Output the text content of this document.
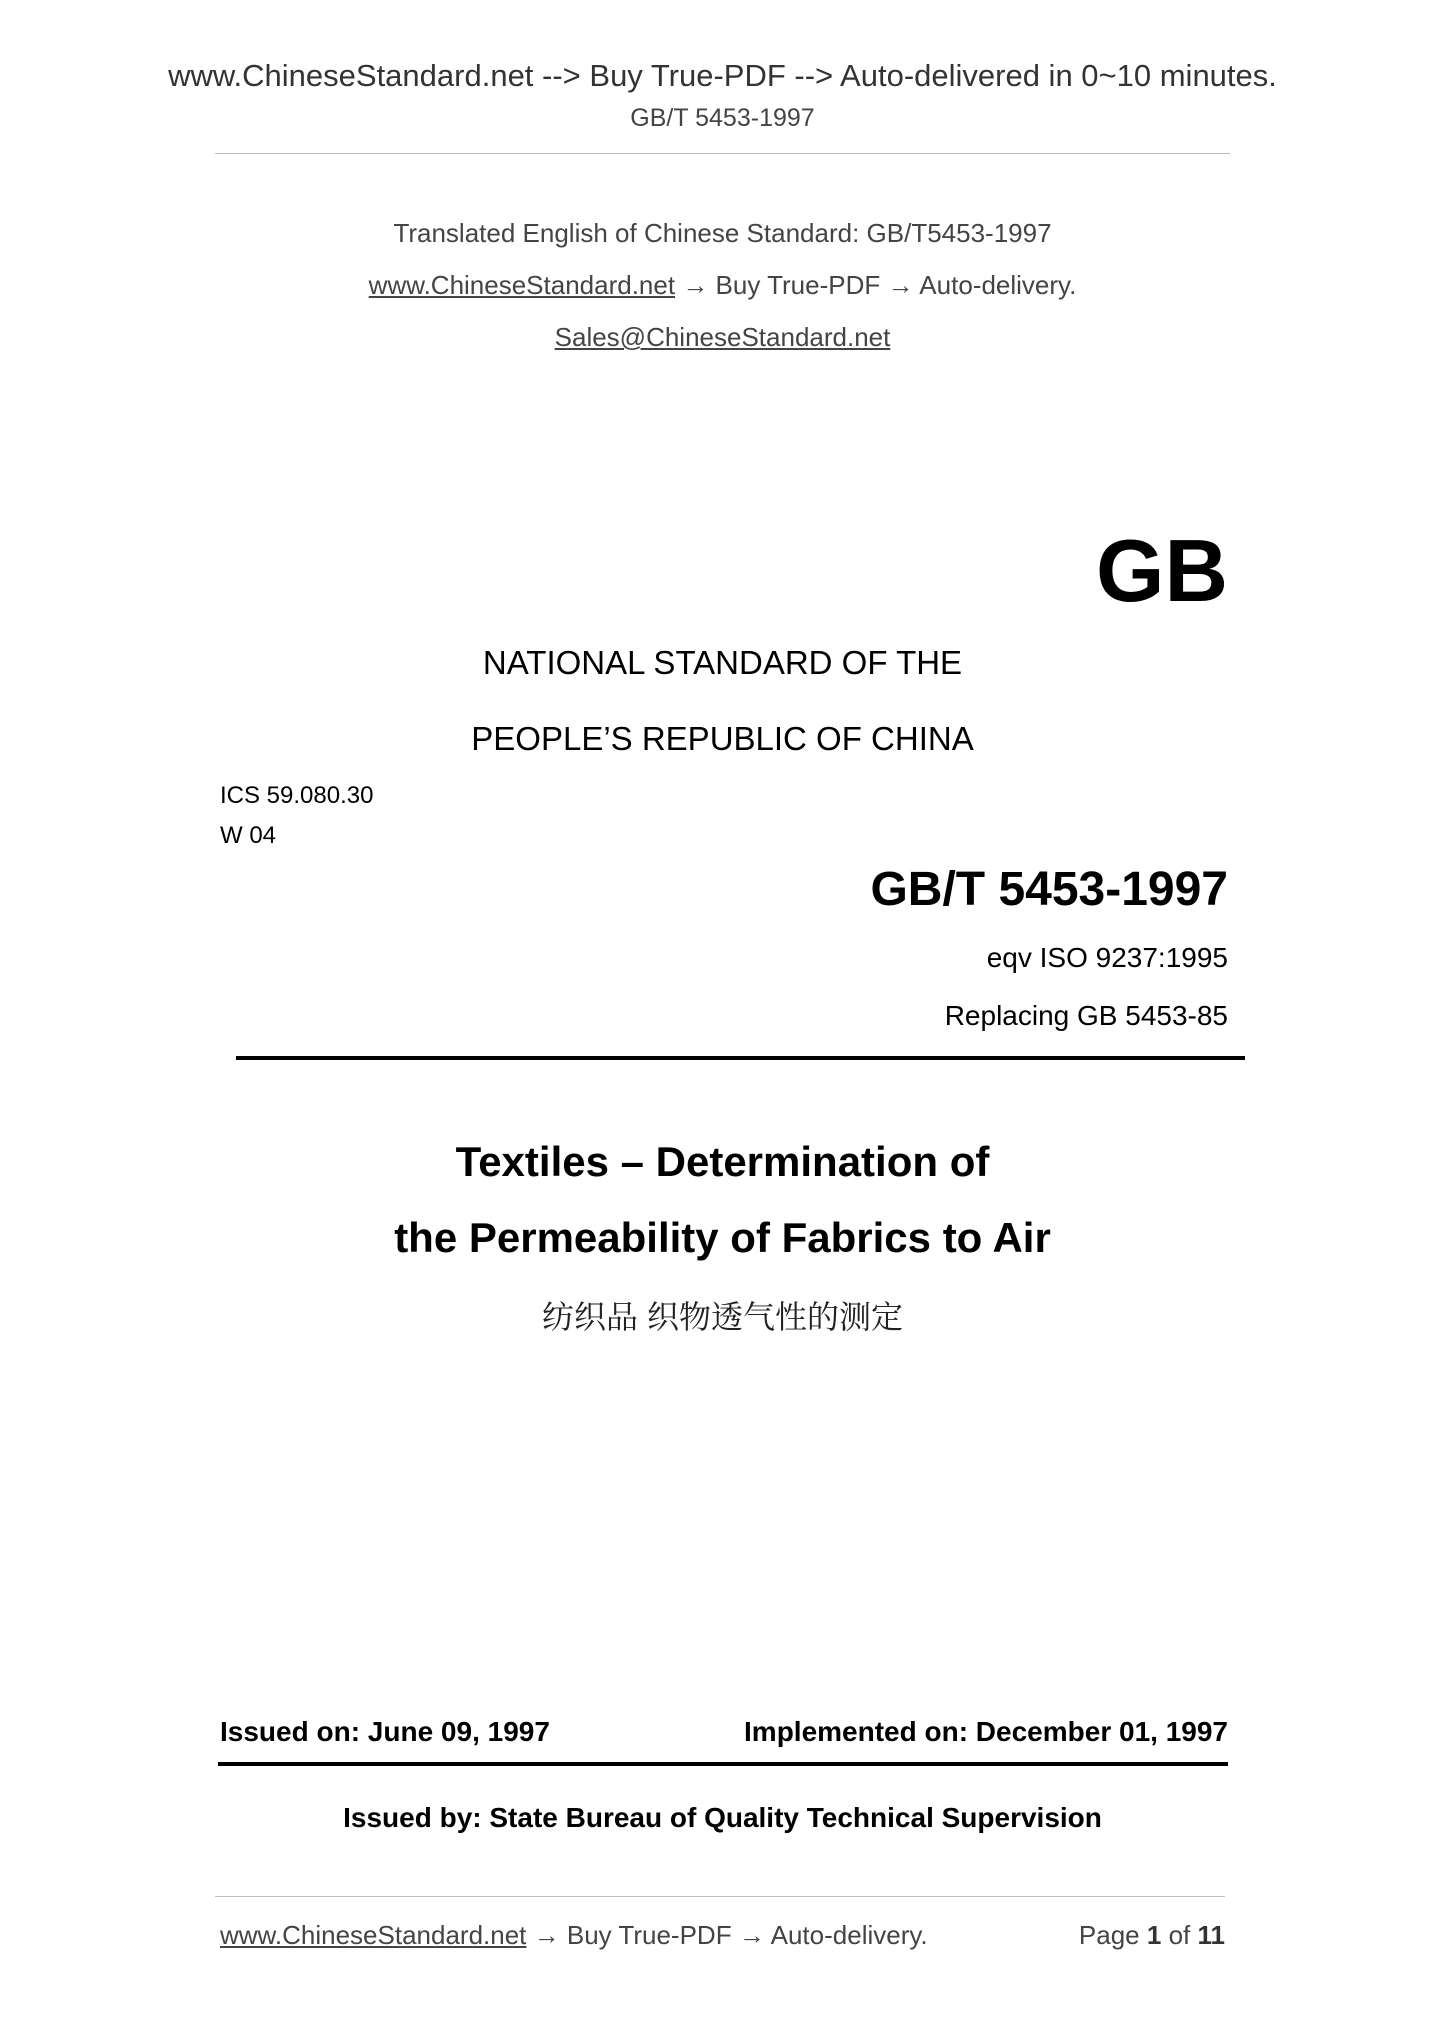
www.ChineseStandard.net --> Buy True-PDF --> Auto-delivered in 0~10 minutes.
GB/T 5453-1997
Translated English of Chinese Standard: GB/T5453-1997
www.ChineseStandard.net → Buy True-PDF → Auto-delivery.
Sales@ChineseStandard.net
GB
NATIONAL STANDARD OF THE
PEOPLE’S REPUBLIC OF CHINA
ICS 59.080.30
W 04
GB/T 5453-1997
eqv ISO 9237:1995
Replacing GB 5453-85
Textiles – Determination of
the Permeability of Fabrics to Air
纺织品 织物透气性的测定
Issued on: June 09, 1997	Implemented on: December 01, 1997
Issued by: State Bureau of Quality Technical Supervision
www.ChineseStandard.net → Buy True-PDF → Auto-delivery.	Page 1 of 11
